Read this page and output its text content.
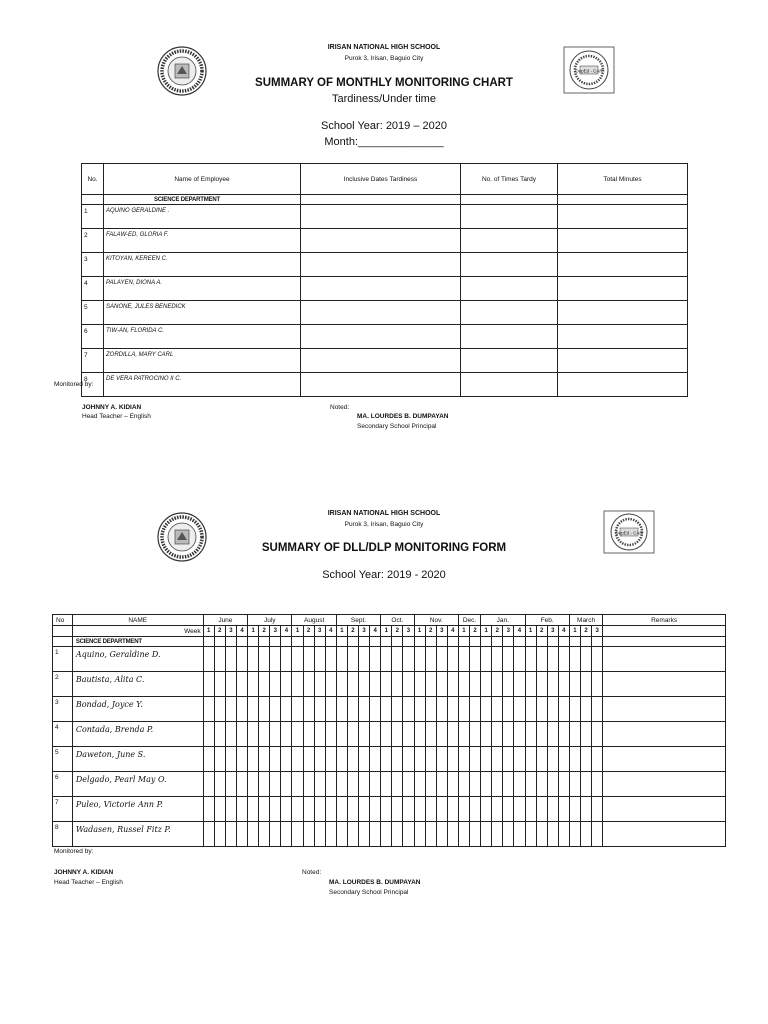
DepEd - CAR
IRISAN NATIONAL HIGH SCHOOL
Purok 3, Irisan, Baguio City
SUMMARY OF MONTHLY MONITORING CHART
Tardiness/Under time
School Year: 2019 – 2020
Month:______________
No.	Name of Employee	Inclusive Dates Tardiness	No. of Times Tardy	Total Minutes
	SCIENCE DEPARTMENT			
1	AQUINO GERALDINE .			
2	FALAW-ED, GLORIA F.			
3	KITOYAN, KEREEN C.			
4	PALAYEN, DIONA A.			
5	SANONE, JULES BENEDICK			
6	TIW-AN, FLORIDA C.			
7	ZORDILLA, MARY CARL			
8	DE VERA PATROCINO II C.			
Monitored by:
JOHNNY A. KIDIAN
Head Teacher – English
Noted:
MA. LOURDES B. DUMPAYAN
Secondary School Principal
DepEd - CAR
IRISAN NATIONAL HIGH SCHOOL
Purok 3, Irisan, Baguio City
SUMMARY OF DLL/DLP MONITORING FORM
School Year: 2019 - 2020
No	NAME	June				July				August				Sept.				Oct.			Nov.				Dec.		Jan.				Feb.				March			Remarks
	Week	1	2	3	4	1	2	3	4	1	2	3	4	1	2	3	4	1	2	3	1	2	3	4	1	2	1	2	3	4	1	2	3	4	1	2	3	
	SCIENCE DEPARTMENT																																					
1	Aquino, Geraldine D.																																					
2	Bautista, Alita C.																																					
3	Bondad, Joyce Y.																																					
4	Contada, Brenda P.																																					
5	Daweton, June S.																																					
6	Delgado, Pearl May O.																																					
7	Puleo, Victorie Ann P.																																					
8	Wadasen, Russel Fitz P.																																					
Monitored by:
JOHNNY A. KIDIAN
Head Teacher – English
Noted:
MA. LOURDES B. DUMPAYAN
Secondary School Principal
